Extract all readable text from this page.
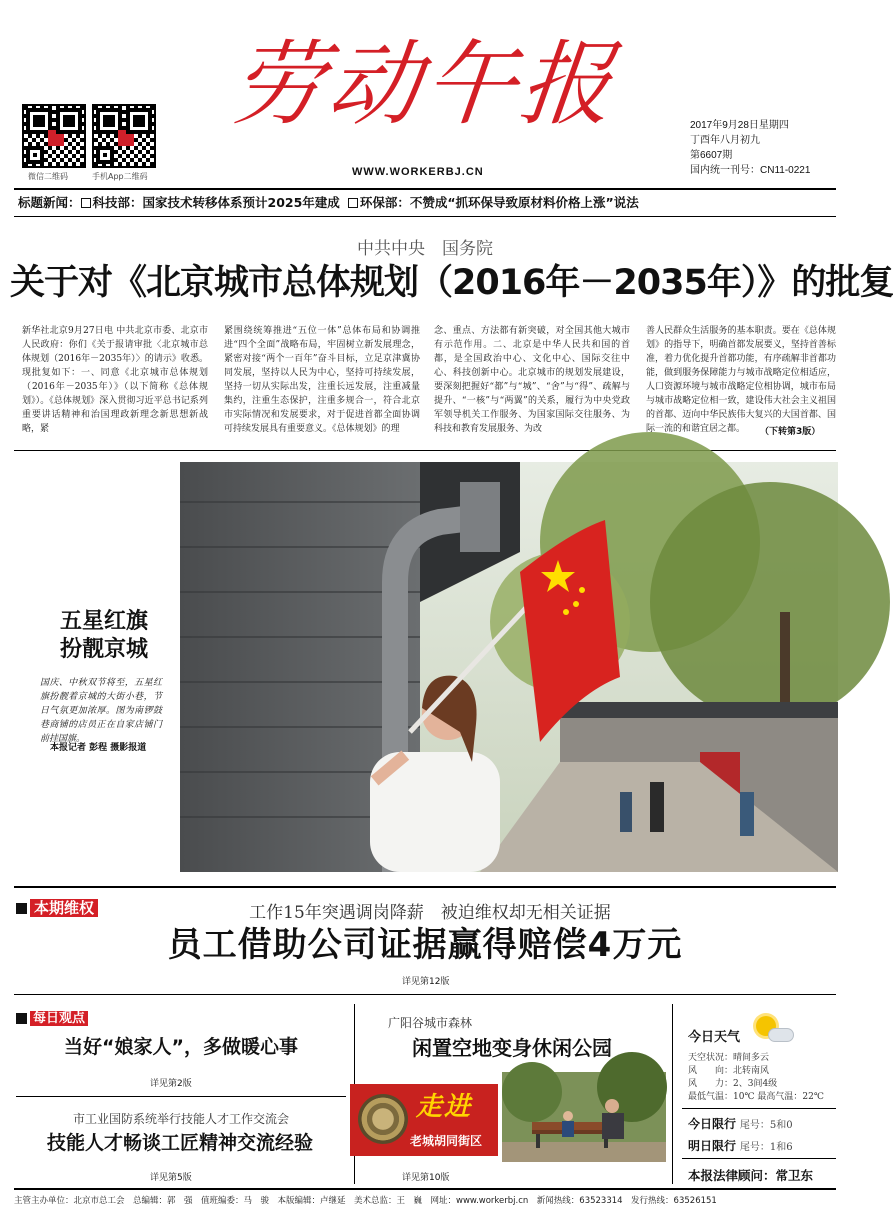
微信二维码	手机App二维码
劳动午报
WWW.WORKERBJ.CN
2017年9月28日星期四
丁酉年八月初九
第6607期
国内统一刊号：CN11-0221
标题新闻： 科技部：国家技术转移体系预计2025年建成 环保部：不赞成“抓环保导致原材料价格上涨”说法
中共中央　国务院
关于对《北京城市总体规划（2016年－2035年）》的批复
新华社北京9月27日电 中共北京市委、北京市人民政府：你们《关于报请审批〈北京城市总体规划（2016年－2035年）〉的请示》收悉。现批复如下：一、同意《北京城市总体规划（2016年－2035年）》（以下简称《总体规划》）。《总体规划》深入贯彻习近平总书记系列重要讲话精神和治国理政新理念新思想新战略，紧
紧围绕统筹推进“五位一体”总体布局和协调推进“四个全面”战略布局，牢固树立新发展理念，紧密对接“两个一百年”奋斗目标，立足京津冀协同发展，坚持以人民为中心，坚持可持续发展，坚持一切从实际出发，注重长远发展，注重减量集约，注重生态保护，注重多规合一，符合北京市实际情况和发展要求，对于促进首都全面协调可持续发展具有重要意义。《总体规划》的理
念、重点、方法都有新突破，对全国其他大城市有示范作用。二、北京是中华人民共和国的首都，是全国政治中心、文化中心、国际交往中心、科技创新中心。北京城市的规划发展建设，要深刻把握好“都”与“城”、“舍”与“得”、疏解与提升、“一核”与“两翼”的关系，履行为中央党政军领导机关工作服务、为国家国际交往服务、为科技和教育发展服务、为改
善人民群众生活服务的基本职责。要在《总体规划》的指导下，明确首都发展要义，坚持首善标准，着力优化提升首都功能，有序疏解非首都功能，做到服务保障能力与城市战略定位相适应，人口资源环境与城市战略定位相协调，城市布局与城市战略定位相一致，建设伟大社会主义祖国的首都、迈向中华民族伟大复兴的大国首都、国际一流的和谐宜居之都。	（下转第3版）
五星红旗
扮靓京城
国庆、中秋双节将至，五星红旗扮靓着京城的大街小巷，节日气氛更加浓厚。图为南锣鼓巷商铺的店员正在自家店铺门前挂国旗。
本报记者 彭程 摄影报道
本期维权	工作15年突遇调岗降薪　被迫维权却无相关证据
员工借助公司证据赢得赔偿4万元
详见第12版
每日观点
当好“娘家人”，多做暖心事
详见第2版
市工业国防系统举行技能人才工作交流会
技能人才畅谈工匠精神交流经验
详见第5版
广阳谷城市森林
闲置空地变身休闲公园
走进
老城胡同街区
详见第10版
今日天气
天空状况：晴间多云
风　　向：北转南风
风　　力：2、3间4级
最低气温：10℃ 最高气温：22℃
今日限行 尾号：5和0
明日限行 尾号：1和6
本报法律顾问：常卫东
主管主办单位：北京市总工会　总编辑：郭　强　值班编委：马　骏　本版编辑：卢继延　美术总监：王　巍　网址：www.workerbj.cn　新闻热线：63523314　发行热线：63526151
